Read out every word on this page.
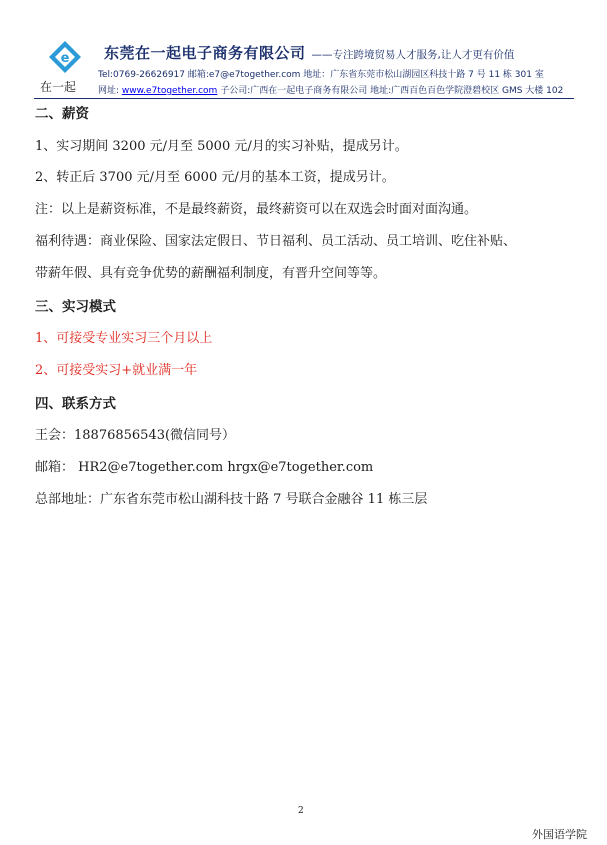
e
在一起
东莞在一起电子商务有限公司 ——专注跨境贸易人才服务,让人才更有价值
Tel:0769-26626917 邮箱:e7@e7together.com 地址：广东省东莞市松山湖园区科技十路 7 号 11 栋 301 室
网址: www.e7together.com 子公司:广西在一起电子商务有限公司 地址:广西百色百色学院澄碧校区 GMS 大楼 102
二、薪资
1、实习期间 3200 元/月至 5000 元/月的实习补贴，提成另计。
2、转正后 3700 元/月至 6000 元/月的基本工资，提成另计。
注：以上是薪资标准，不是最终薪资，最终薪资可以在双选会时面对面沟通。
福利待遇：商业保险、国家法定假日、节日福利、员工活动、员工培训、吃住补贴、
带薪年假、具有竞争优势的薪酬福利制度，有晋升空间等等。
三、实习模式
1、可接受专业实习三个月以上
2、可接受实习+就业满一年
四、联系方式
王会：18876856543(微信同号）
邮箱： HR2@e7together.com hrgx@e7together.com
总部地址：广东省东莞市松山湖科技十路 7 号联合金融谷 11 栋三层
2
外国语学院
